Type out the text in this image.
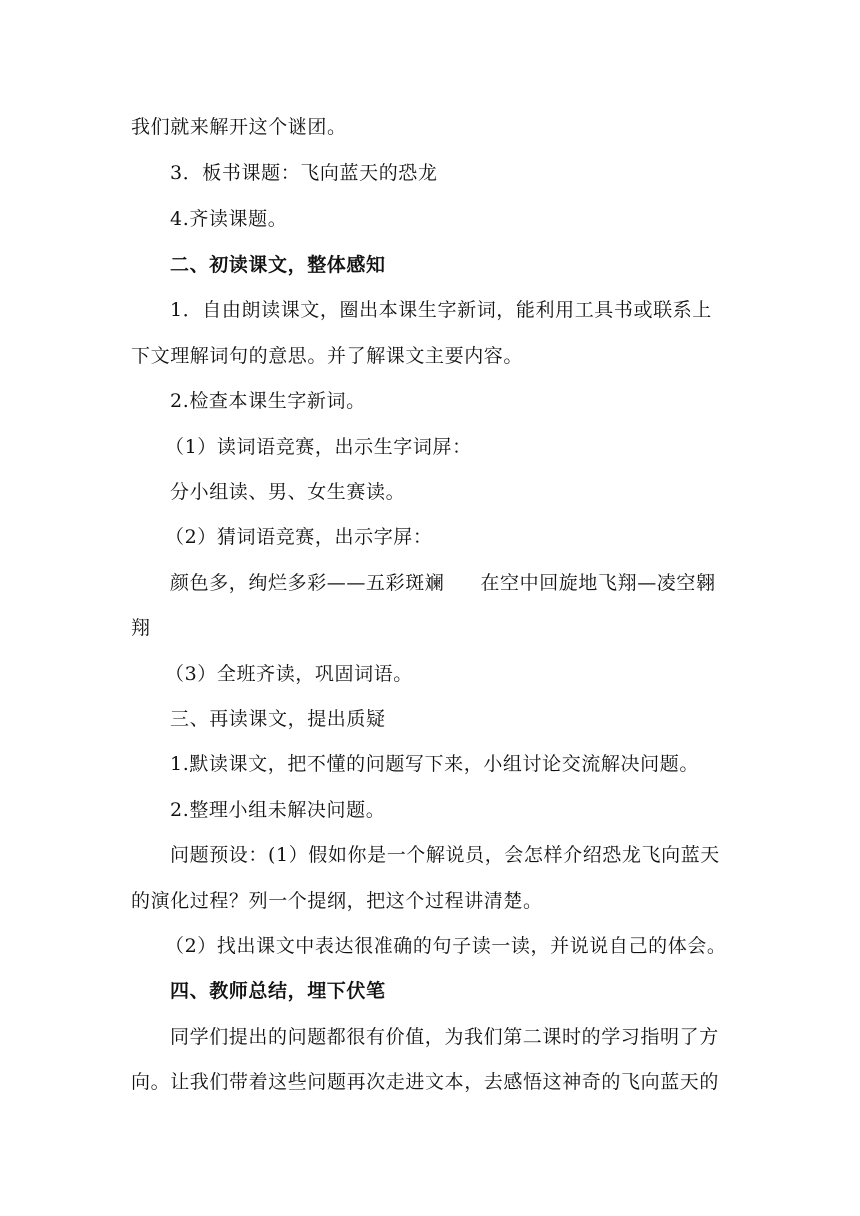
我们就来解开这个谜团。
3．板书课题：飞向蓝天的恐龙
4.齐读课题。
二、初读课文，整体感知
1．自由朗读课文，圈出本课生字新词，能利用工具书或联系上
下文理解词句的意思。并了解课文主要内容。
2.检查本课生字新词。
（1）读词语竞赛，出示生字词屏：
分小组读、男、女生赛读。
（2）猜词语竞赛，出示字屏：
颜色多，绚烂多彩——五彩斑斓 在空中回旋地飞翔—凌空翱
翔
（3）全班齐读，巩固词语。
三、再读课文，提出质疑
1.默读课文，把不懂的问题写下来，小组讨论交流解决问题。
2.整理小组未解决问题。
问题预设：(1）假如你是一个解说员，会怎样介绍恐龙飞向蓝天
的演化过程？列一个提纲，把这个过程讲清楚。
（2）找出课文中表达很准确的句子读一读，并说说自己的体会。
四、教师总结，埋下伏笔
同学们提出的问题都很有价值，为我们第二课时的学习指明了方
向。让我们带着这些问题再次走进文本，去感悟这神奇的飞向蓝天的
